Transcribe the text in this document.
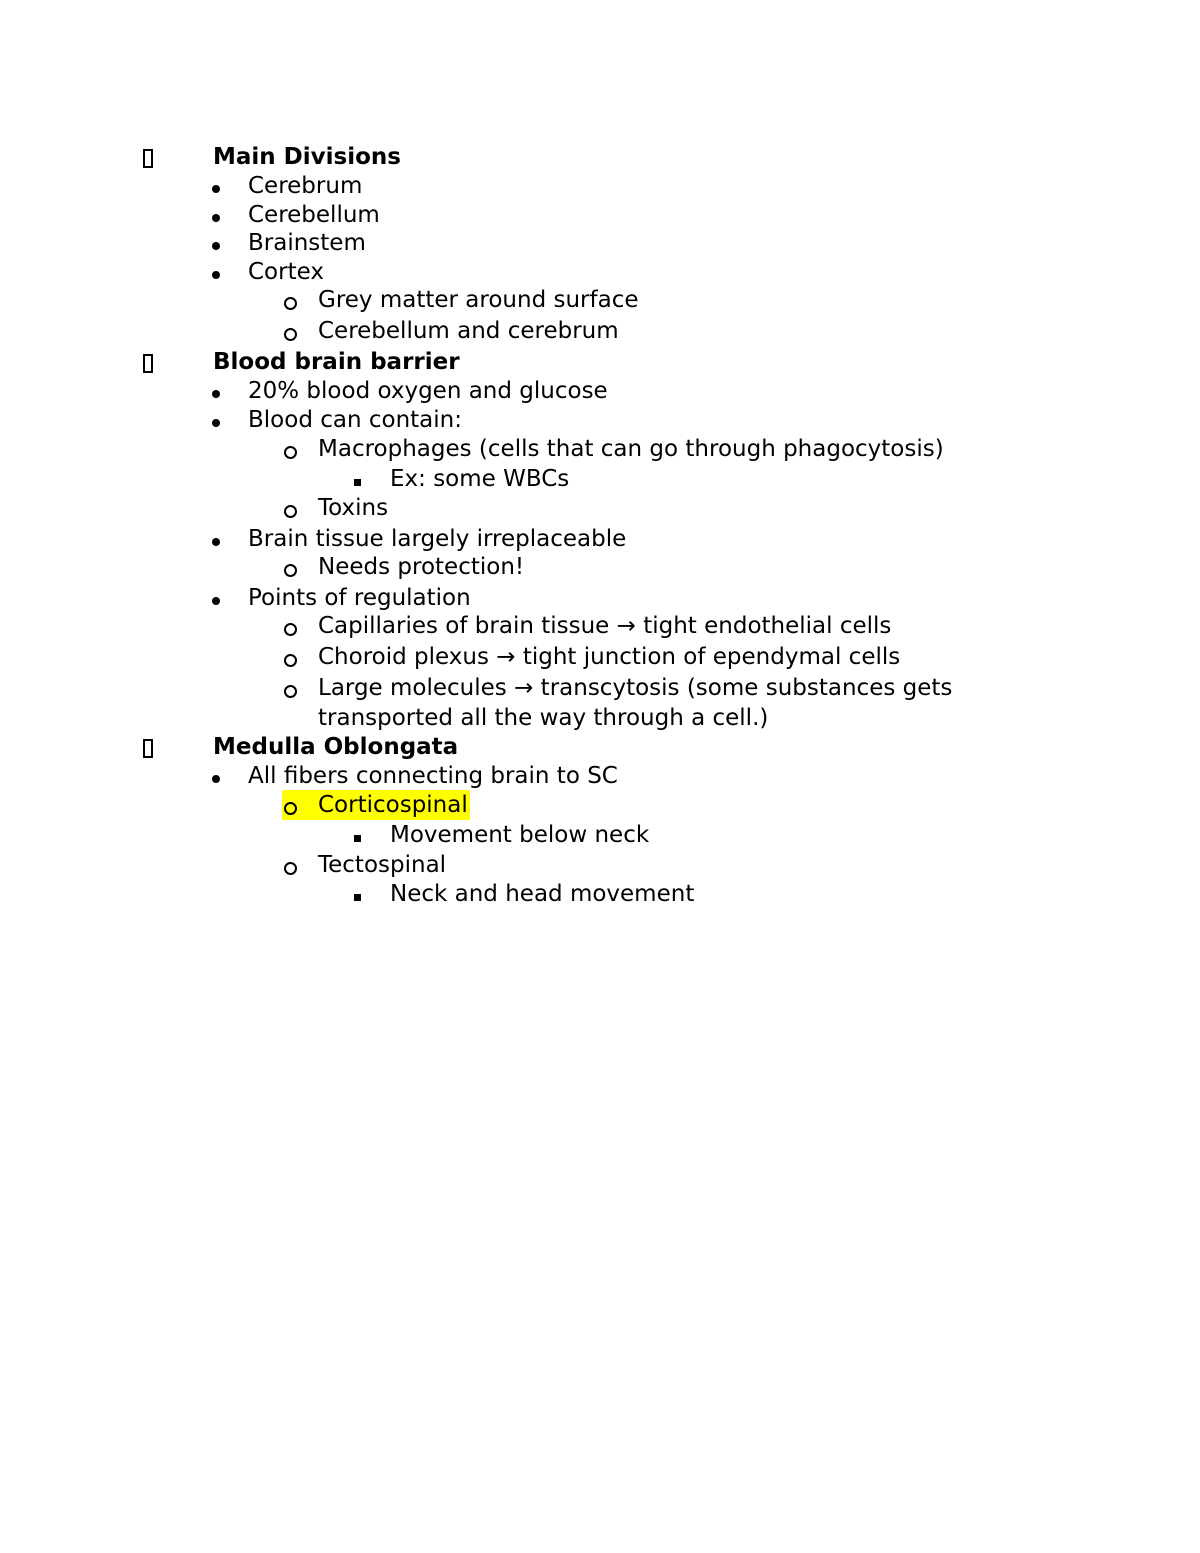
Main Divisions
Cerebrum
Cerebellum
Brainstem
Cortex
Grey matter around surface
Cerebellum and cerebrum
Blood brain barrier
20% blood oxygen and glucose
Blood can contain:
Macrophages (cells that can go through phagocytosis)
Ex: some WBCs
Toxins
Brain tissue largely irreplaceable
Needs protection!
Points of regulation
Capillaries of brain tissue → tight endothelial cells
Choroid plexus → tight junction of ependymal cells
Large molecules → transcytosis (some substances gets
transported all the way through a cell.)
Medulla Oblongata
All fibers connecting brain to SC
Corticospinal
Movement below neck
Tectospinal
Neck and head movement
